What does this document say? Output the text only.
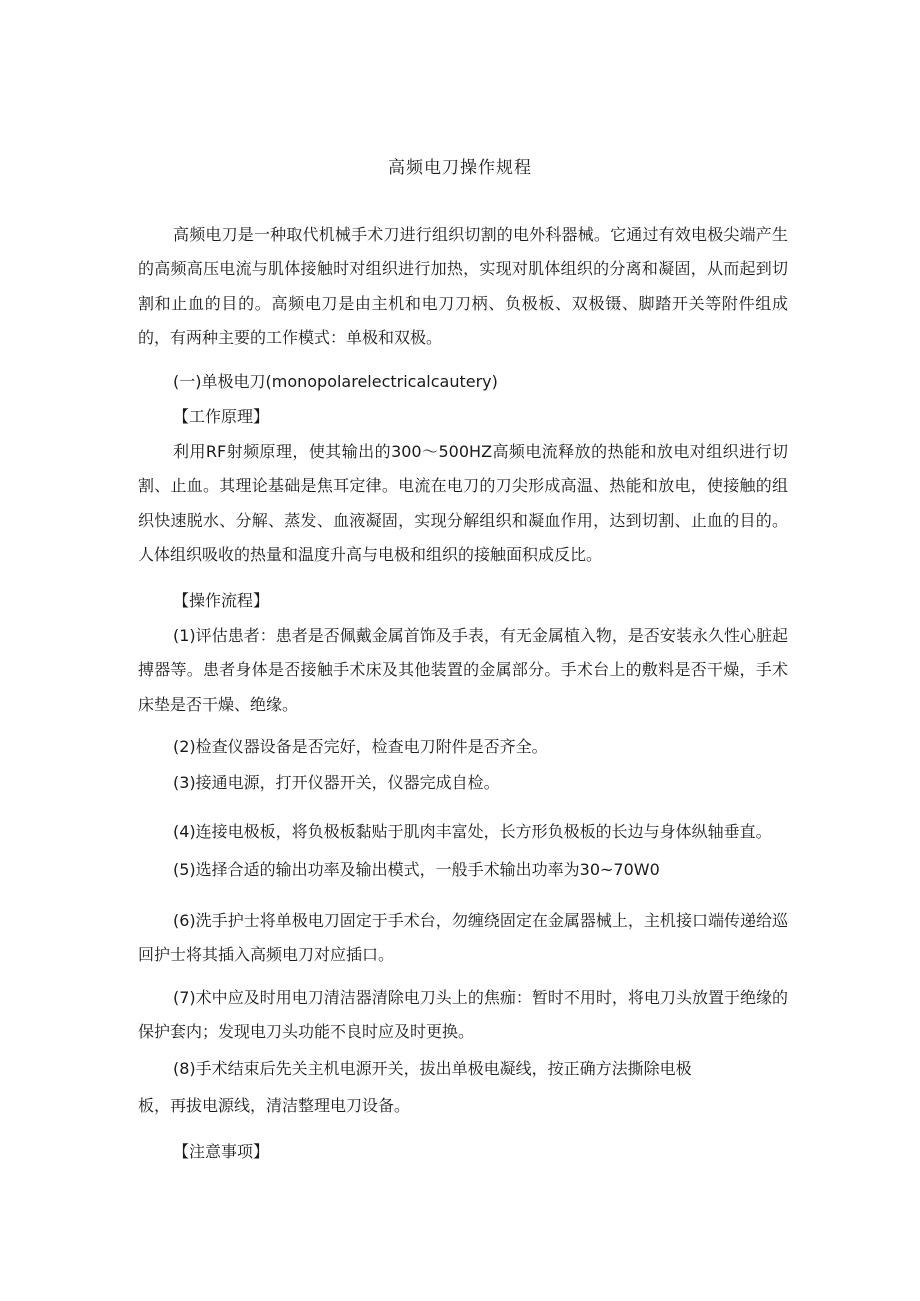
高频电刀操作规程

高频电刀是一种取代机械手术刀进行组织切割的电外科器械。它通过有效电极尖端产生的高频高压电流与肌体接触时对组织进行加热，实现对肌体组织的分离和凝固，从而起到切割和止血的目的。高频电刀是由主机和电刀刀柄、负极板、双极镊、脚踏开关等附件组成的，有两种主要的工作模式：单极和双极。

(一)单极电刀(monopolarelectricalcautery)
【工作原理】

利用RF射频原理，使其输出的300～500HZ高频电流释放的热能和放电对组织进行切割、止血。其理论基础是焦耳定律。电流在电刀的刀尖形成高温、热能和放电，使接触的组织快速脱水、分解、蒸发、血液凝固，实现分解组织和凝血作用，达到切割、止血的目的。人体组织吸收的热量和温度升高与电极和组织的接触面积成反比。

【操作流程】

(1)评估患者：患者是否佩戴金属首饰及手表，有无金属植入物，是否安装永久性心脏起搏器等。患者身体是否接触手术床及其他装置的金属部分。手术台上的敷料是否干燥，手术床垫是否干燥、绝缘。

(2)检查仪器设备是否完好，检查电刀附件是否齐全。
(3)接通电源，打开仪器开关，仪器完成自检。
(4)连接电极板，将负极板黏贴于肌肉丰富处，长方形负极板的长边与身体纵轴垂直。
(5)选择合适的输出功率及输出模式，一般手术输出功率为30~70W0

(6)洗手护士将单极电刀固定于手术台，勿缠绕固定在金属器械上，主机接口端传递给巡回护士将其插入高频电刀对应插口。

(7)术中应及时用电刀清洁器清除电刀头上的焦痂：暂时不用时，将电刀头放置于绝缘的保护套内；发现电刀头功能不良时应及时更换。

(8)手术结束后先关主机电源开关，拔出单极电凝线，按正确方法撕除电极
板，再拔电源线，清洁整理电刀设备。
【注意事项】
